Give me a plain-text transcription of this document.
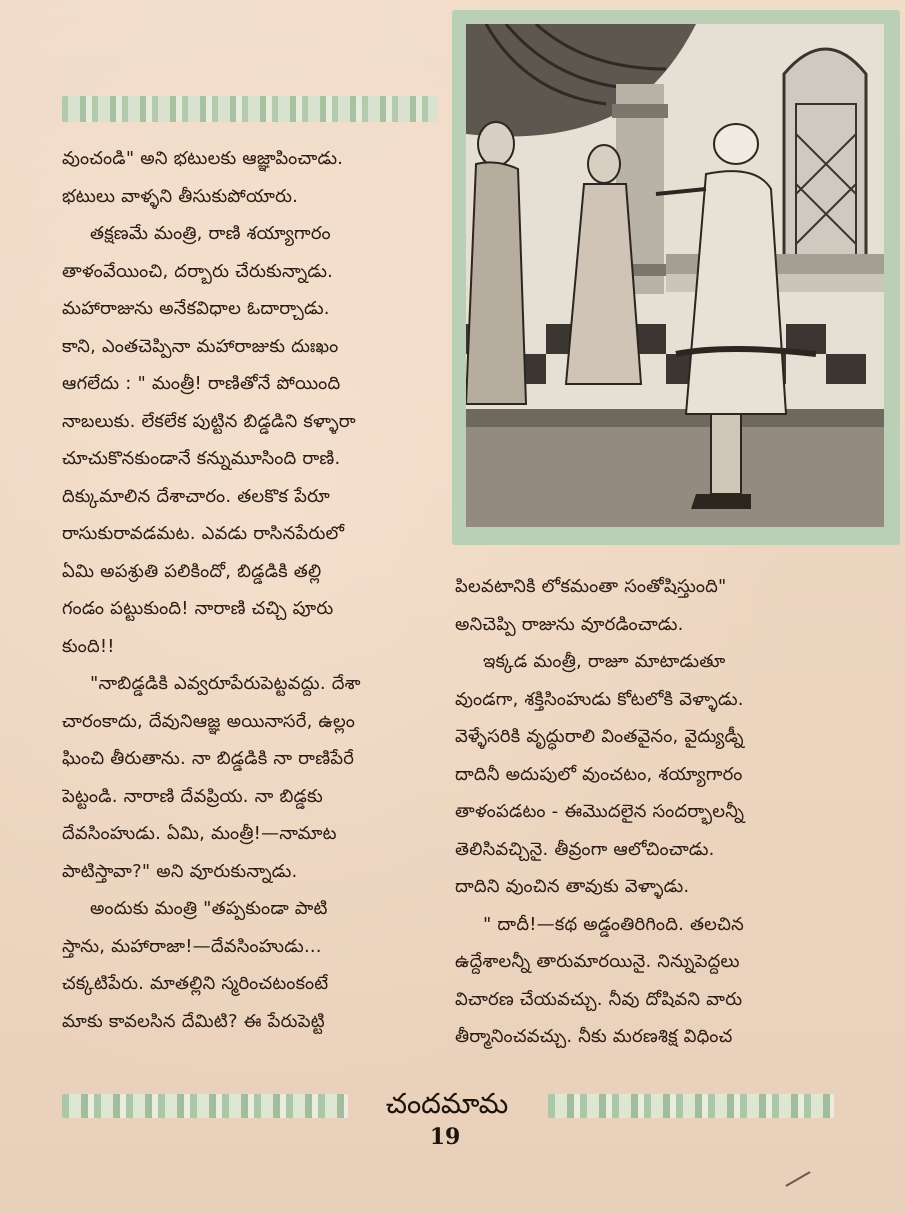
వుంచండి" అని భటులకు ఆజ్ఞాపించాడు.
భటులు వాళ్ళని తీసుకుపోయారు.
తక్షణమే మంత్రి, రాణి శయ్యాగారం
తాళంవేయించి, దర్బారు చేరుకున్నాడు.
మహారాజును అనేకవిధాల ఓదార్చాడు.
కాని, ఎంతచెప్పినా మహారాజుకు దుఃఖం
ఆగలేదు : " మంత్రీ! రాణితోనే పోయింది
నాబలుకు. లేకలేక పుట్టిన బిడ్డడిని కళ్ళారా
చూచుకొనకుండానే కన్నుమూసింది రాణి.
దిక్కుమాలిన దేశాచారం. తలకొక పేరూ
రాసుకురావడమట. ఎవడు రాసినపేరులో
ఏమి అపశ్రుతి పలికిందో, బిడ్డడికి తల్లి
గండం పట్టుకుంది! నారాణి చచ్చి పూరు
కుంది!!
"నాబిడ్డడికి ఎవ్వరూపేరుపెట్టవద్దు. దేశా
చారంకాదు, దేవునిఆజ్ఞ అయినాసరే, ఉల్లం
ఘించి తీరుతాను. నా బిడ్డడికి నా రాణిపేరే
పెట్టండి. నారాణి దేవప్రియ. నా బిడ్డకు
దేవసింహుడు. ఏమి, మంత్రీ!—నామాట
పాటిస్తావా?" అని వూరుకున్నాడు.
అందుకు మంత్రి "తప్పకుండా పాటి
స్తాను, మహారాజా!—దేవసింహుడు...
చక్కటిపేరు. మాతల్లిని స్మరించటంకంటే
మాకు కావలసిన దేమిటి? ఈ పేరుపెట్టి
పిలవటానికి లోకమంతా సంతోషిస్తుంది"
అనిచెప్పి రాజును వూరడించాడు.
ఇక్కడ మంత్రీ, రాజూ మాటాడుతూ
వుండగా, శక్తిసింహుడు కోటలోకి వెళ్ళాడు.
వెళ్ళేసరికి వృద్ధురాలి వింతవైనం, వైద్యుడ్నీ
దాదినీ అదుపులో వుంచటం, శయ్యాగారం
తాళంపడటం - ఈమొదలైన సందర్భాలన్నీ
తెలిసివచ్చినై. తీవ్రంగా ఆలోచించాడు.
దాదిని వుంచిన తావుకు వెళ్ళాడు.
" దాదీ!—కథ అడ్డంతిరిగింది. తలచిన
ఉద్దేశాలన్నీ తారుమారయినై. నిన్నుపెద్దలు
విచారణ చేయవచ్చు. నీవు దోషివని వారు
తీర్మానించవచ్చు. నీకు మరణశిక్ష విధించ
చందమామ
19
